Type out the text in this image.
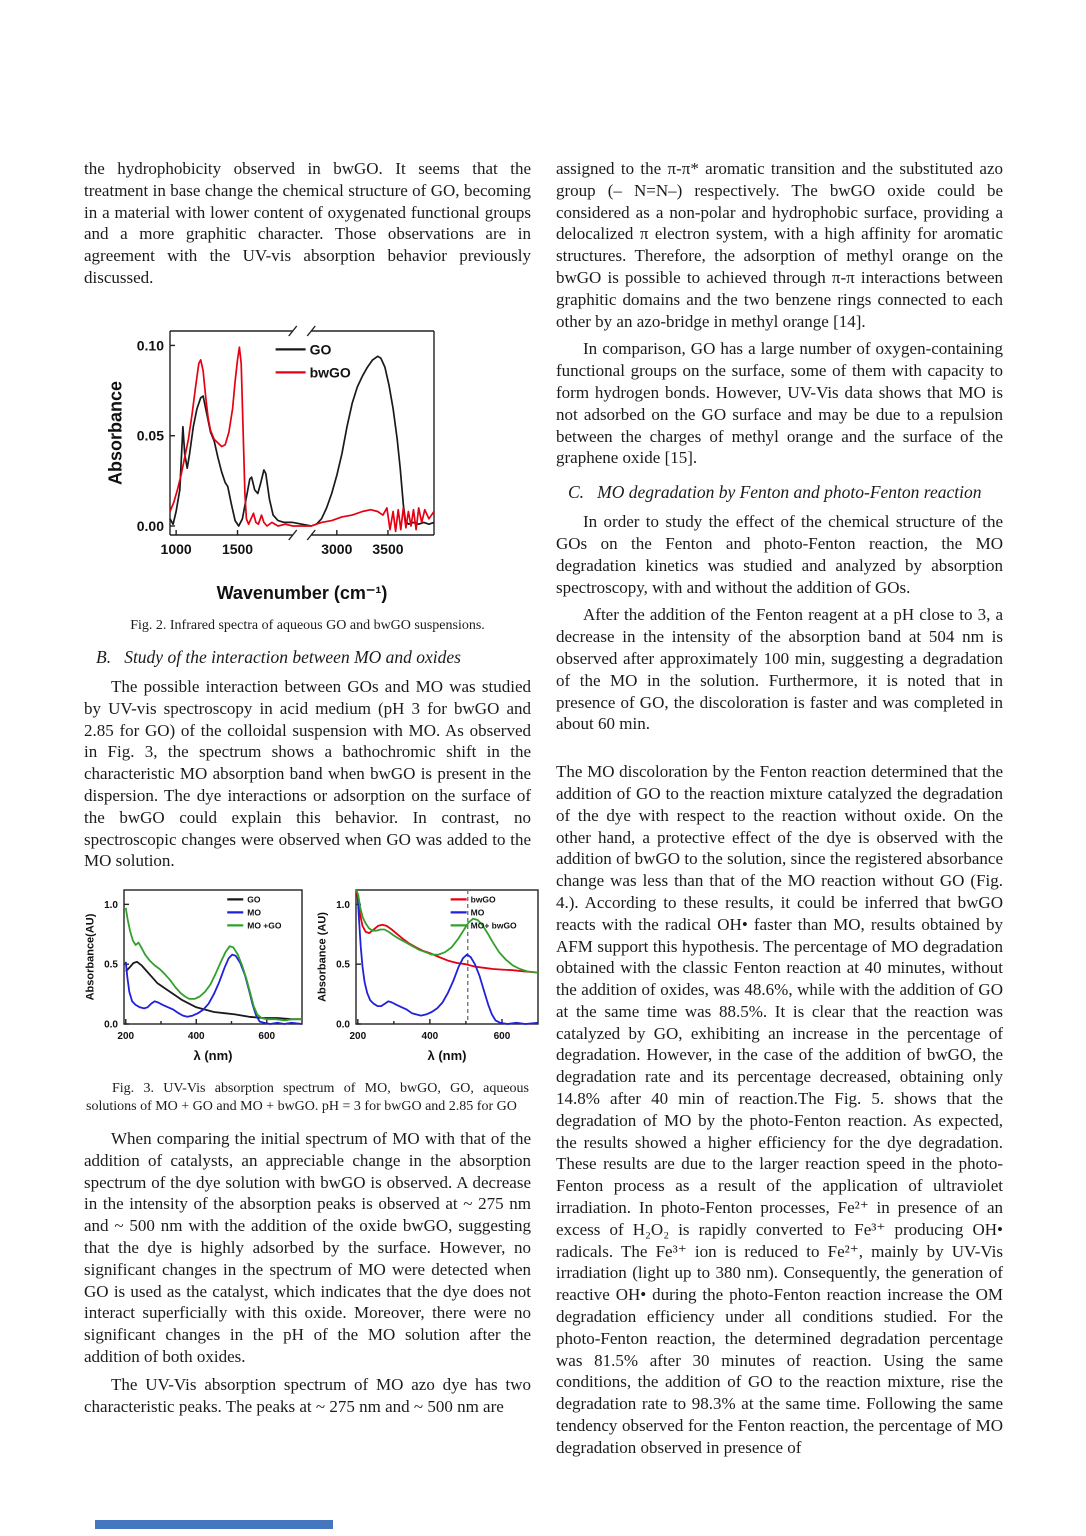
the hydrophobicity observed in bwGO. It seems that the treatment in base change the chemical structure of GO, becoming in a material with lower content of oxygenated functional groups and a more graphitic character. Those observations are in agreement with the UV-vis absorption behavior previously discussed.

1000 1500	3000 3500
0.00
0.05
0.10	GO
bwGO
Wavenumber (cm⁻¹)
Absorbance
Fig. 2. Infrared spectra of aqueous GO and bwGO suspensions.
B.   Study of the interaction between MO and oxides

The possible interaction between GOs and MO was studied by UV-vis spectroscopy in acid medium (pH 3 for bwGO and 2.85 for GO) of the colloidal suspension with MO. As observed in Fig. 3, the spectrum shows a bathochromic shift in the characteristic MO absorption band when bwGO is present in the dispersion. The dye interactions or adsorption on the surface of the bwGO could explain this behavior. In contrast, no spectroscopic changes were observed when GO was added to the MO solution.

200	400	600
0.0
0.5
1.0
GO
MO
MO +GO
λ (nm)
Absorbance(AU)
200	400	600
0.0
0.5
1.0
bwGO
MO
MO+ bwGO
λ (nm)
Absorbance (AU)
Fig. 3. UV-Vis absorption spectrum of MO, bwGO, GO, aqueous solutions of MO + GO and MO + bwGO. pH = 3 for bwGO and 2.85 for GO

When comparing the initial spectrum of MO with that of the addition of catalysts, an appreciable change in the absorption spectrum of the dye solution with bwGO is observed. A decrease in the intensity of the absorption peaks is observed at ~ 275 nm and ~ 500 nm with the addition of the oxide bwGO, suggesting that the dye is highly adsorbed by the surface. However, no significant changes in the spectrum of MO were detected when GO is used as the catalyst, which indicates that the dye does not interact superficially with this oxide. Moreover, there were no significant changes in the pH of the MO solution after the addition of both oxides.

The UV-Vis absorption spectrum of MO azo dye has two characteristic peaks. The peaks at ~ 275 nm and ~ 500 nm are

assigned to the π-π* aromatic transition and the substituted azo group (– N=N–) respectively. The bwGO oxide could be considered as a non-polar and hydrophobic surface, providing a delocalized π electron system, with a high affinity for aromatic structures. Therefore, the adsorption of methyl orange on the bwGO is possible to achieved through π-π interactions between graphitic domains and the two benzene rings connected to each other by an azo-bridge in methyl orange [14].

In comparison, GO has a large number of oxygen-containing functional groups on the surface, some of them with capacity to form hydrogen bonds. However, UV-Vis data shows that MO is not adsorbed on the GO surface and may be due to a repulsion between the charges of methyl orange and the surface of the graphene oxide [15].

C.   MO degradation by Fenton and photo-Fenton reaction

In order to study the effect of the chemical structure of the GOs on the Fenton and photo-Fenton reaction, the MO degradation kinetics was studied and analyzed by absorption spectroscopy, with and without the addition of GOs.

After the addition of the Fenton reagent at a pH close to 3, a decrease in the intensity of the absorption band at 504 nm is observed after approximately 100 min, suggesting a degradation of the MO in the solution. Furthermore, it is noted that in presence of GO, the discoloration is faster and was completed in about 60 min.

The MO discoloration by the Fenton reaction determined that the addition of GO to the reaction mixture catalyzed the degradation of the dye with respect to the reaction without oxide. On the other hand, a protective effect of the dye is observed with the addition of bwGO to the solution, since the registered absorbance change was less than that of the MO reaction without GO (Fig. 4.). According to these results, it could be inferred that bwGO reacts with the radical OH• faster than MO, results obtained by AFM support this hypothesis. The percentage of MO degradation obtained with the classic Fenton reaction at 40 minutes, without the addition of oxides, was 48.6%, while with the addition of GO at the same time was 88.5%. It is clear that the reaction was catalyzed by GO, exhibiting an increase in the percentage of degradation. However, in the case of the addition of bwGO, the degradation rate and its percentage decreased, obtaining only 14.8% after 40 min of reaction.The Fig. 5. shows that the degradation of MO by the photo-Fenton reaction. As expected, the results showed a higher efficiency for the dye degradation. These results are due to the larger reaction speed in the photo-Fenton process as a result of the application of ultraviolet irradiation. In photo-Fenton processes, Fe²⁺ in presence of an excess of H₂O₂ is rapidly converted to Fe³⁺ producing OH• radicals. The Fe³⁺ ion is reduced to Fe²⁺, mainly by UV-Vis irradiation (light up to 380 nm). Consequently, the generation of reactive OH• during the photo-Fenton reaction increase the OM degradation efficiency under all conditions studied. For the photo-Fenton reaction, the determined degradation percentage was 81.5% after 30 minutes of reaction. Using the same conditions, the addition of GO to the reaction mixture, rise the degradation rate to 98.3% at the same time. Following the same tendency observed for the Fenton reaction, the percentage of MO degradation observed in presence of
